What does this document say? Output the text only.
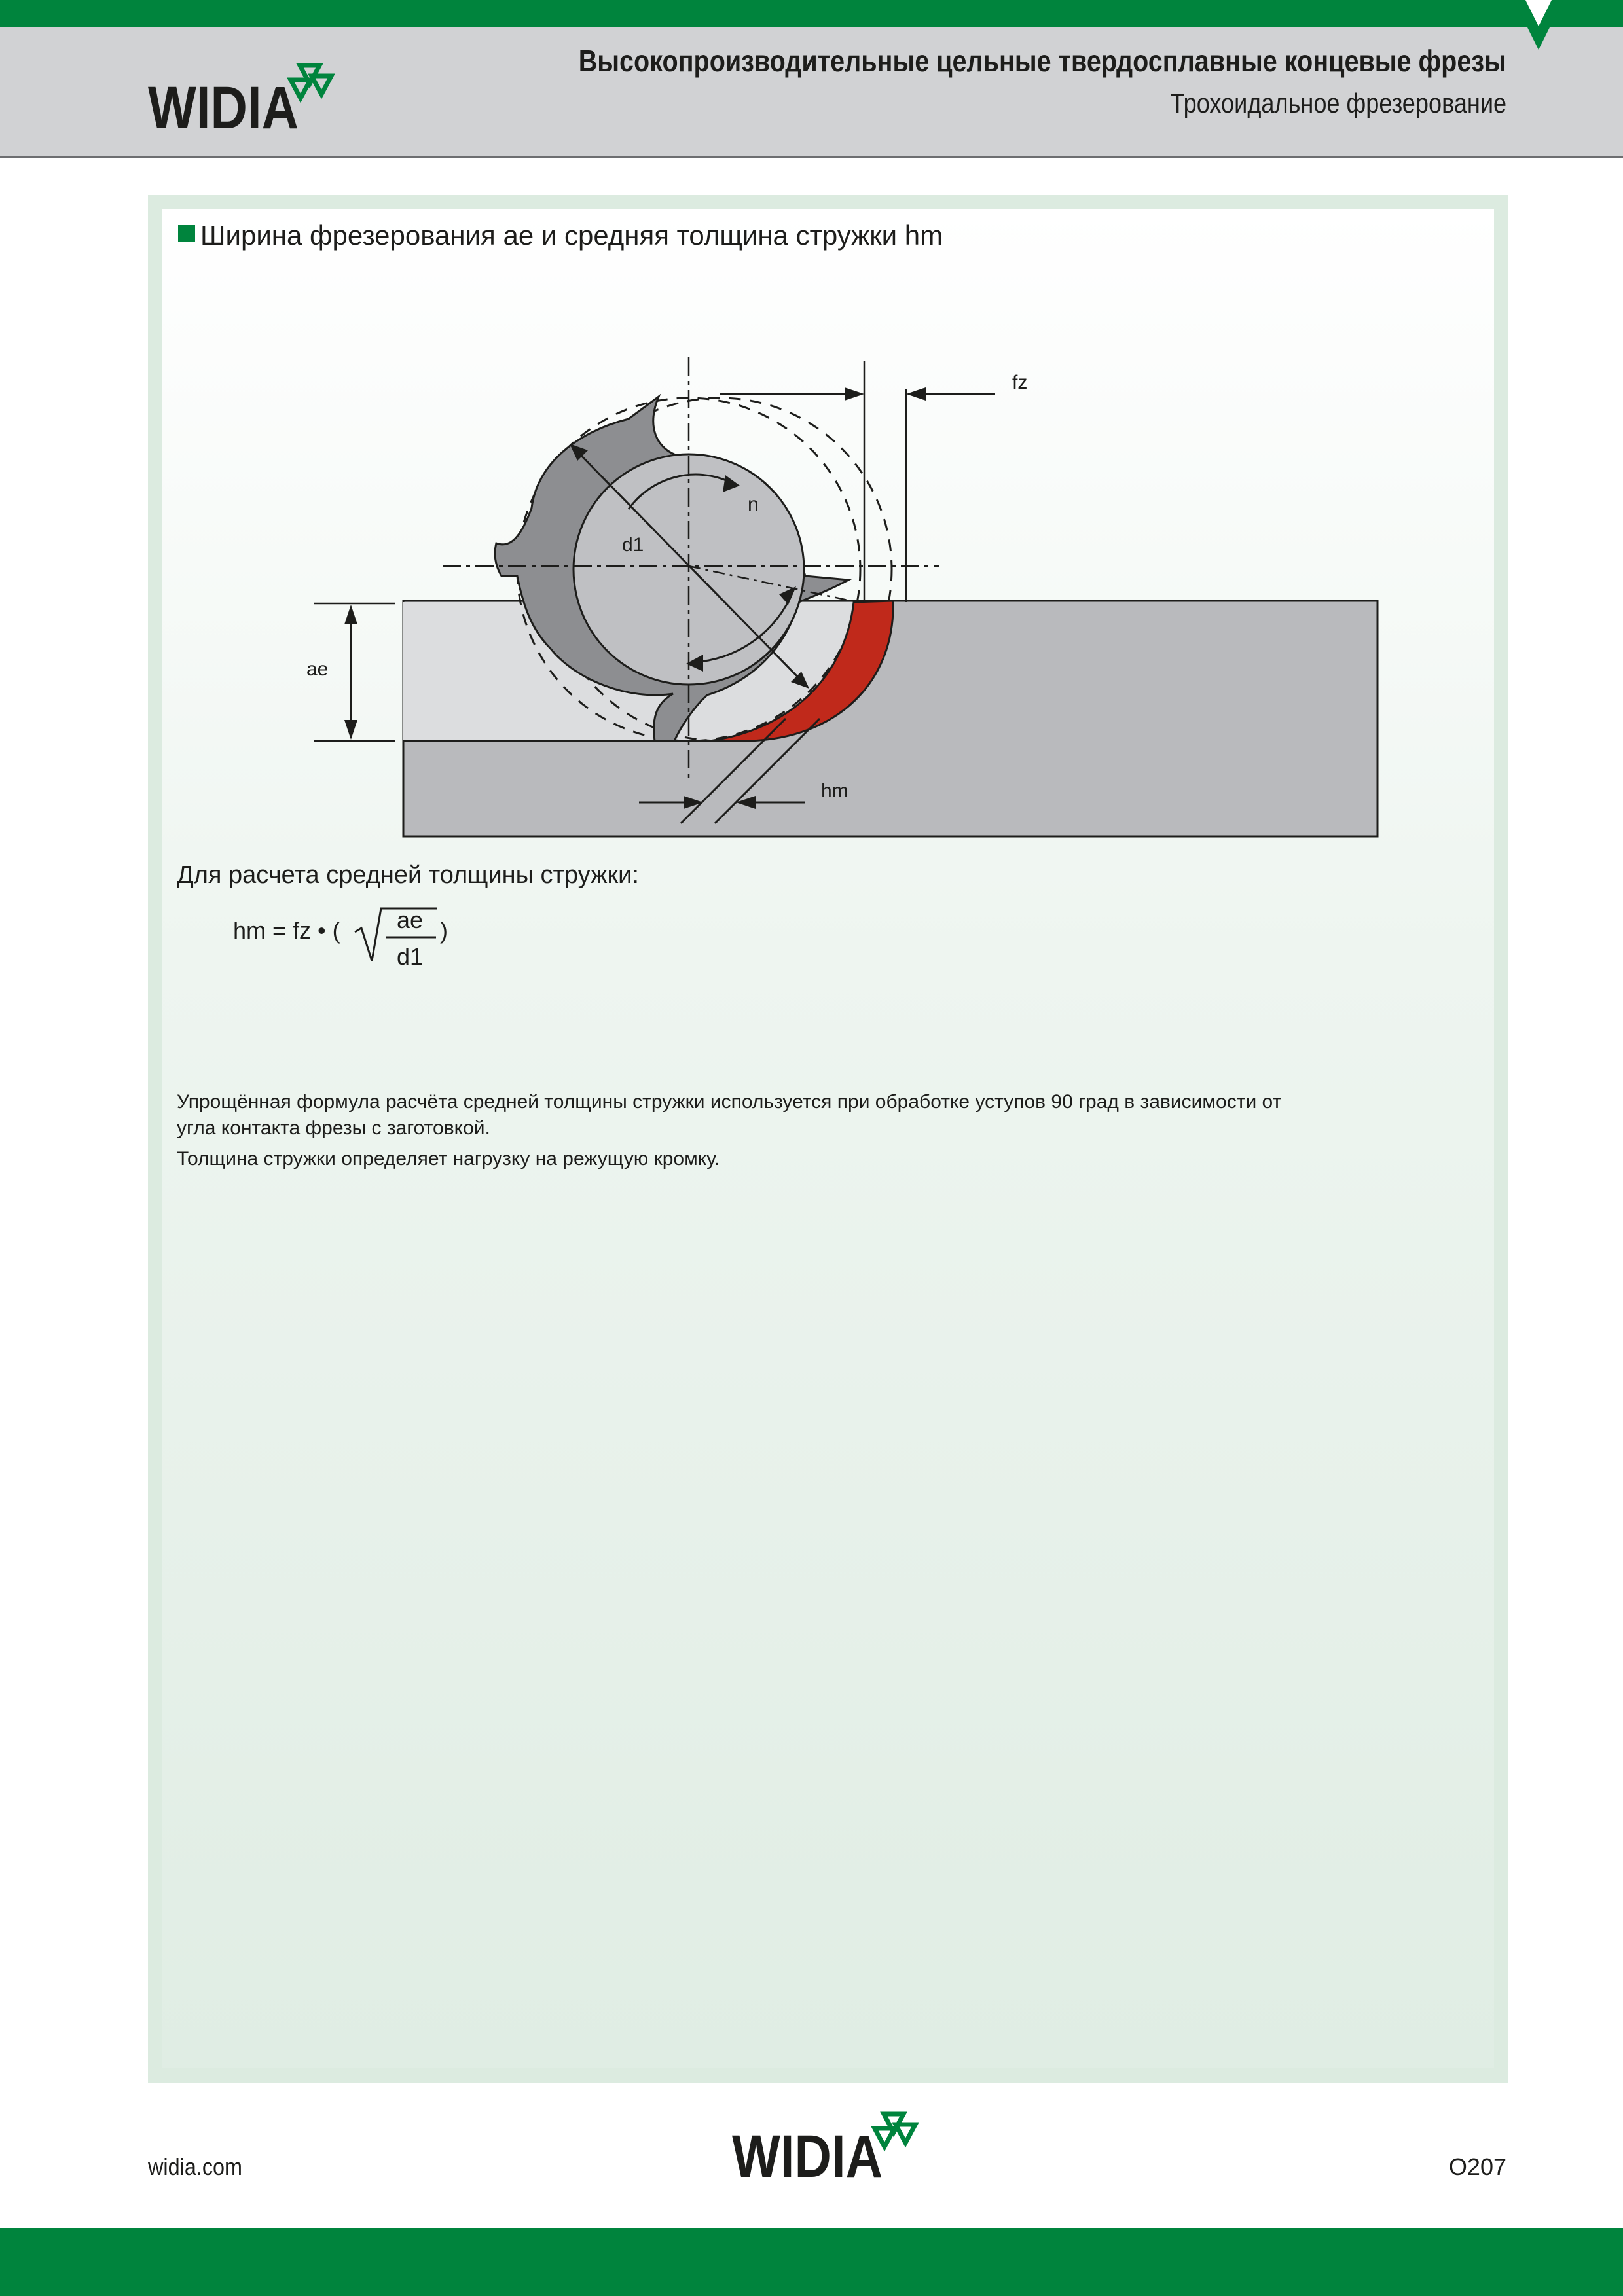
WIDIA
Высокопроизводительные цельные твердосплавные концевые фрезы
Трохоидальное фрезерование
Ширина фрезерования ae и средняя толщина стружки hm
fz
n
d1
ae
hm
Для расчета средней толщины стружки:
hm = fz • ( ae
d1
)
Упрощённая формула расчёта средней толщины стружки используется при обработке уступов 90 град в зависимости от угла контакта фрезы с заготовкой.
Толщина стружки определяет нагрузку на режущую кромку.
widia.com	WIDIA	O207
